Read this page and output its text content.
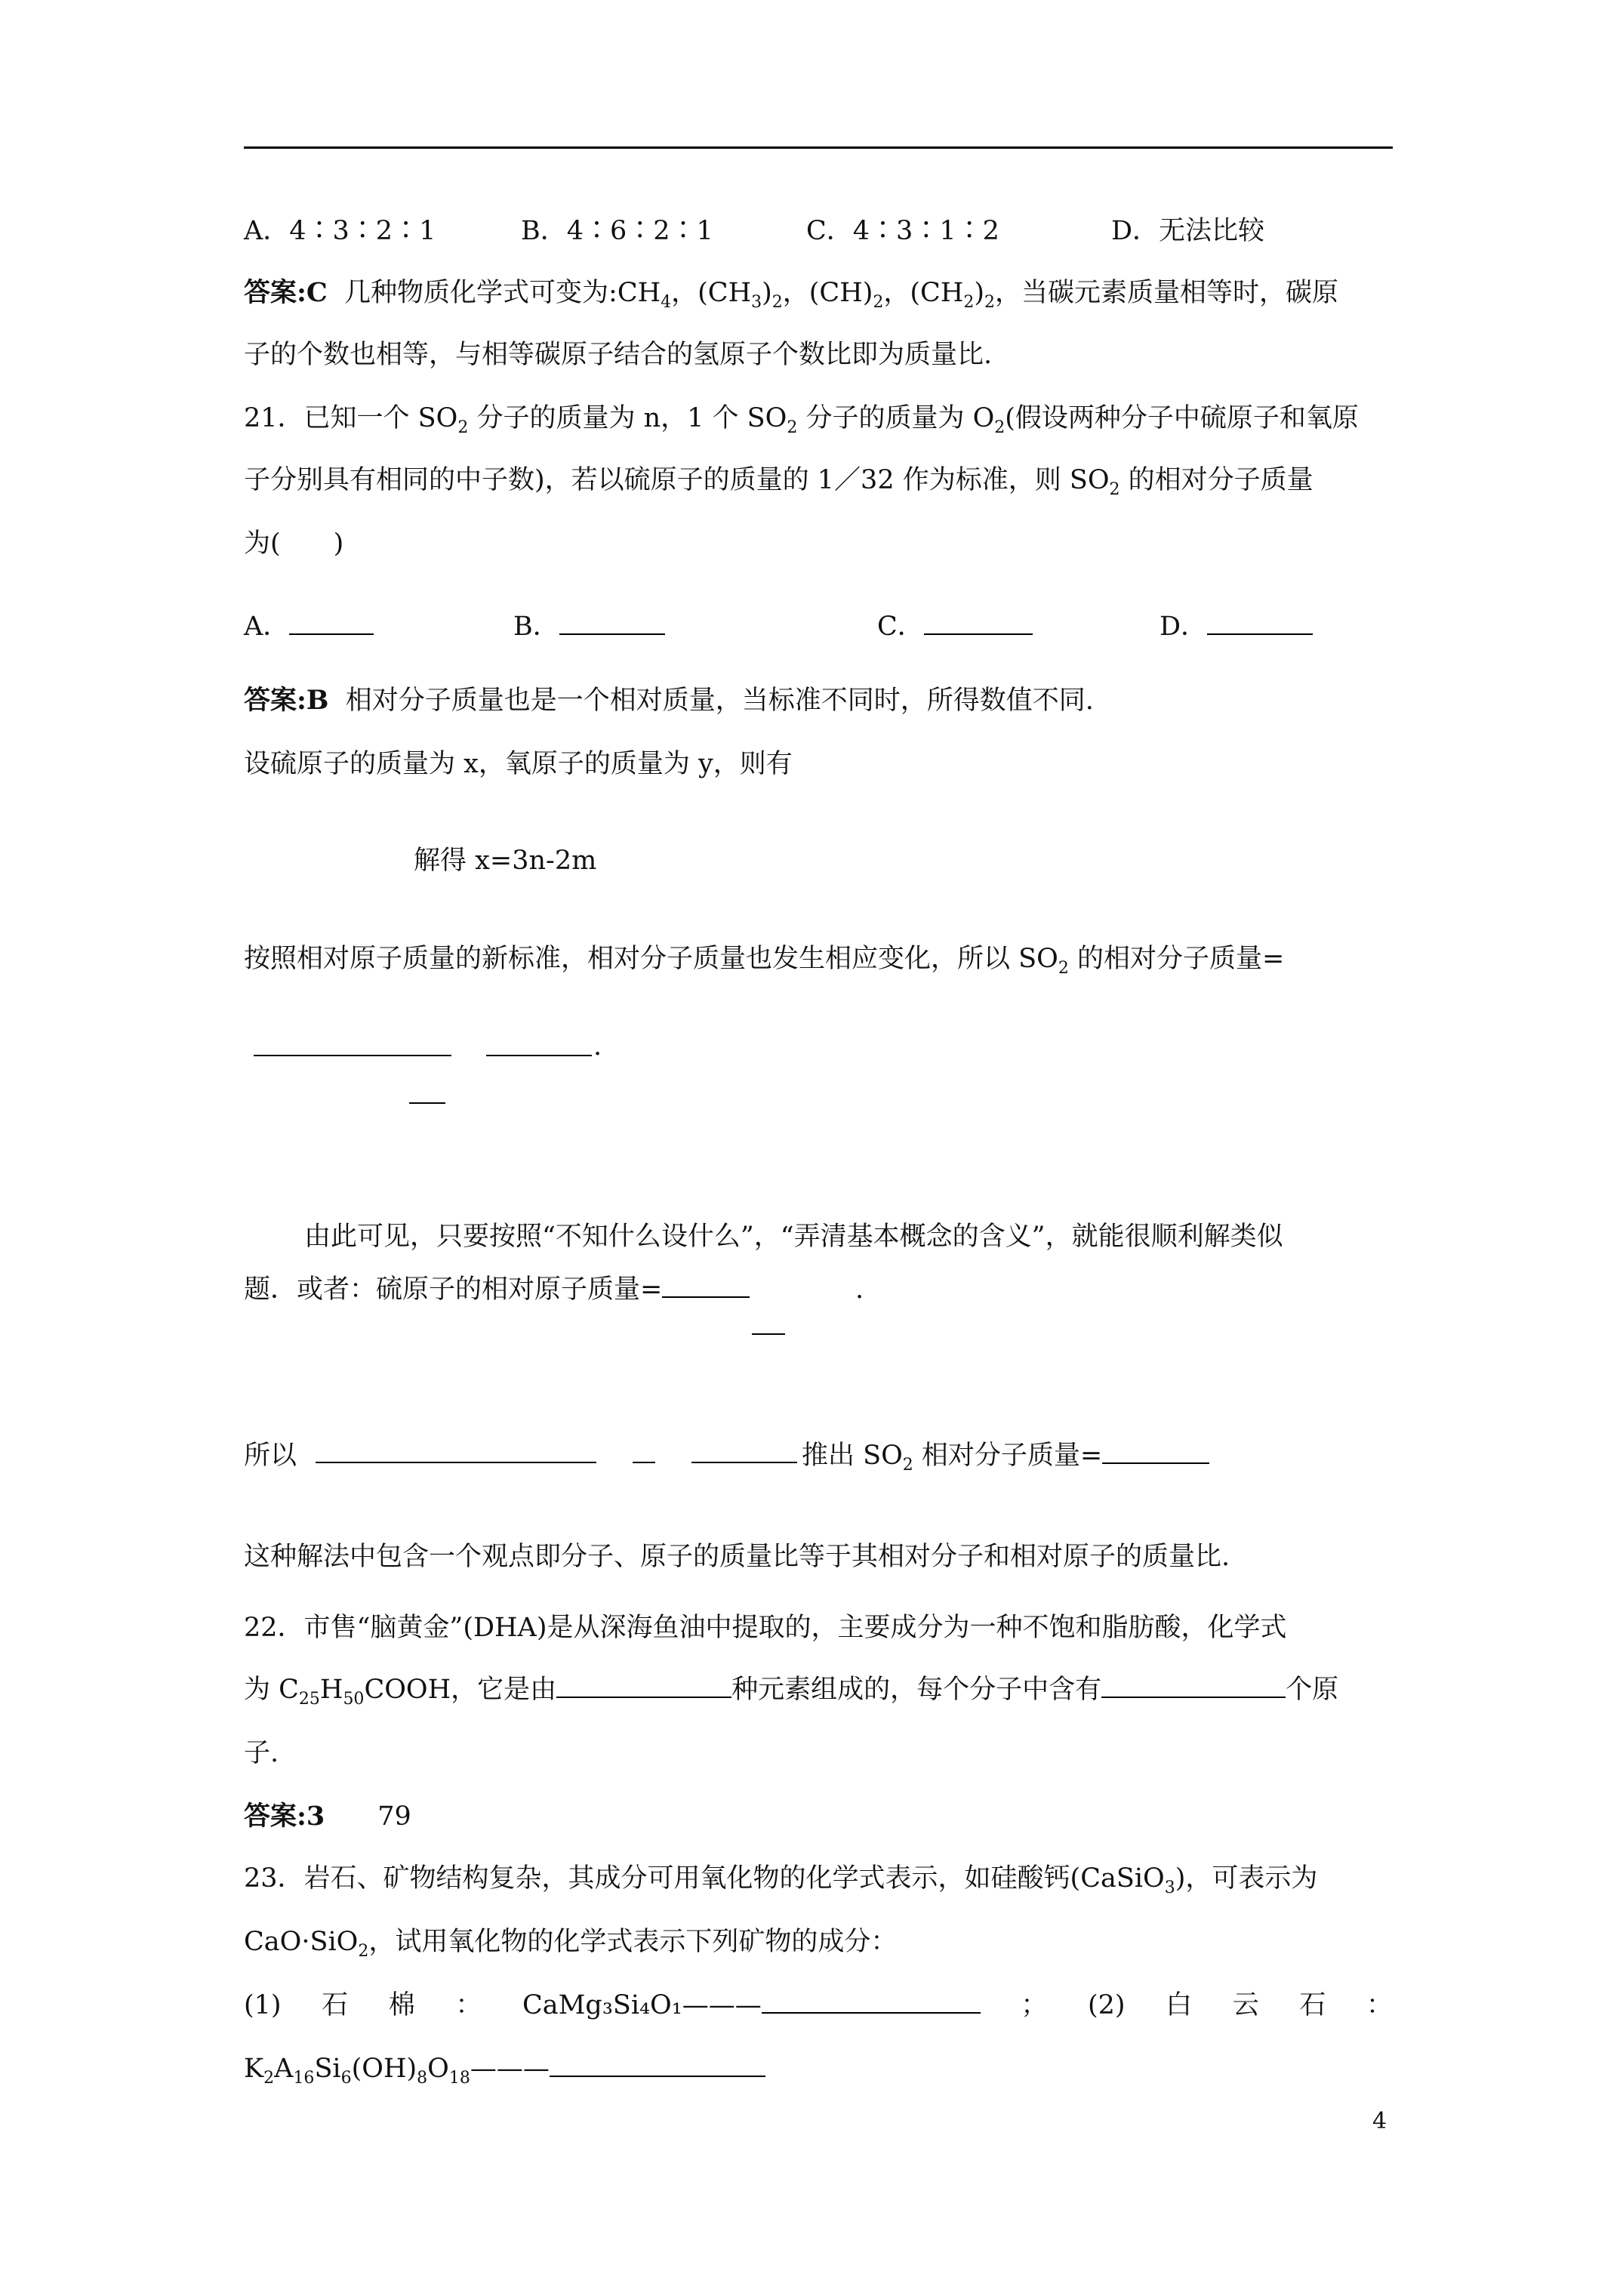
A．4∶3∶2∶1	B．4∶6∶2∶1	C．4∶3∶1∶2	D．无法比较
答案:C 几种物质化学式可变为$:CH_4$，$(CH_3)_2$，$(CH)_2$，$(CH_2)_2$，当碳元素质量相等时，碳原
子的个数也相等，与相等碳原子结合的氢原子个数比即为质量比.
21．已知一个 $SO_2$ 分子的质量为 n，1 个 $SO_2$ 分子的质量为 $O_2$(假设两种分子中硫原子和氧原
子分别具有相同的中子数)，若以硫原子的质量的 1／32 作为标准，则 $SO_2$ 的相对分子质量
为(　　)
A．	B．	C．	D．
答案:B 相对分子质量也是一个相对质量，当标准不同时，所得数值不同.
设硫原子的质量为 x，氧原子的质量为 y，则有
解得 x=3n-2m
按照相对原子质量的新标准，相对分子质量也发生相应变化，所以 $SO_2$ 的相对分子质量=
.
由此可见，只要按照“不知什么设什么”，“弄清基本概念的含义”，就能很顺利解类似
题．或者：硫原子的相对原子质量=	.
所以	推出 $SO_2$ 相对分子质量=
这种解法中包含一个观点即分子、原子的质量比等于其相对分子和相对原子的质量比.
22．市售“脑黄金”(DHA)是从深海鱼油中提取的，主要成分为一种不饱和脂肪酸，化学式
为 $C_{25}H_{50}COOH$，它是由	种元素组成的，每个分子中含有	个原
子.
答案:3 79
23．岩石、矿物结构复杂，其成分可用氧化物的化学式表示，如硅酸钙(CaSiO$_3$)，可表示为
CaO·SiO$_2$，试用氧化物的化学式表示下列矿物的成分：
(1) 石 棉 ： CaMg₃Si₄O₁———	； (2) 白 云 石 ：
$K_2A_{16}Si_6(OH)_8O_{18}———$
4
